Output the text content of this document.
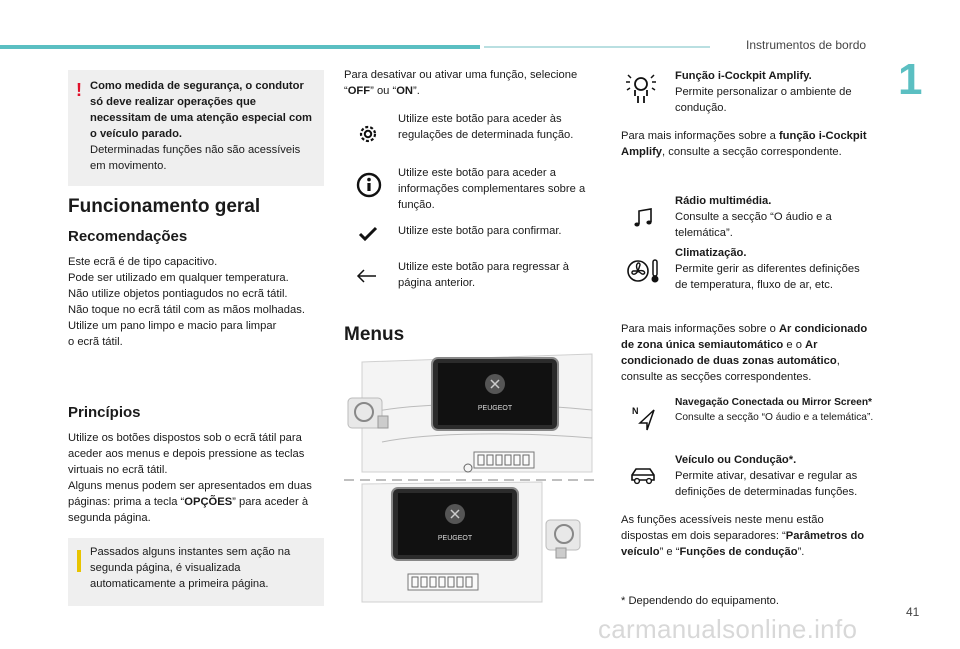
Instrumentos de bordo
1
! Como medida de segurança, o condutor só deve realizar operações que necessitam de uma atenção especial com o veículo parado.
Determinadas funções não são acessíveis em movimento.
Funcionamento geral
Recomendações
Este ecrã é de tipo capacitivo.
Pode ser utilizado em qualquer temperatura.
Não utilize objetos pontiagudos no ecrã tátil.
Não toque no ecrã tátil com as mãos molhadas.
Utilize um pano limpo e macio para limpar
o ecrã tátil.
Princípios
Utilize os botões dispostos sob o ecrã tátil para aceder aos menus e depois pressione as teclas virtuais no ecrã tátil.
Alguns menus podem ser apresentados em duas páginas: prima a tecla “OPÇÕES” para aceder à segunda página.
Passados alguns instantes sem ação na segunda página, é visualizada automaticamente a primeira página.
Para desativar ou ativar uma função, selecione “OFF” ou “ON”.
Utilize este botão para aceder às regulações de determinada função.
Utilize este botão para aceder a informações complementares sobre a função.
Utilize este botão para confirmar.
Utilize este botão para regressar à página anterior.
Menus
PEUGEOT
PEUGEOT
Função i-Cockpit Amplify.
Permite personalizar o ambiente de condução.
Para mais informações sobre a função i-Cockpit Amplify, consulte a secção correspondente.
Rádio multimédia.
Consulte a secção “O áudio e a telemática”.
Climatização.
Permite gerir as diferentes definições de temperatura, fluxo de ar, etc.
Para mais informações sobre o Ar condicionado de zona única semiautomático e o Ar condicionado de duas zonas automático, consulte as secções correspondentes.
N
Navegação Conectada ou Mirror Screen*
Consulte a secção “O áudio e a telemática”.
Veículo ou Condução*.
Permite ativar, desativar e regular as definições de determinadas funções.
As funções acessíveis neste menu estão dispostas em dois separadores: “Parâmetros do veículo” e “Funções de condução”.
* Dependendo do equipamento.
41
carmanualsonline.info
